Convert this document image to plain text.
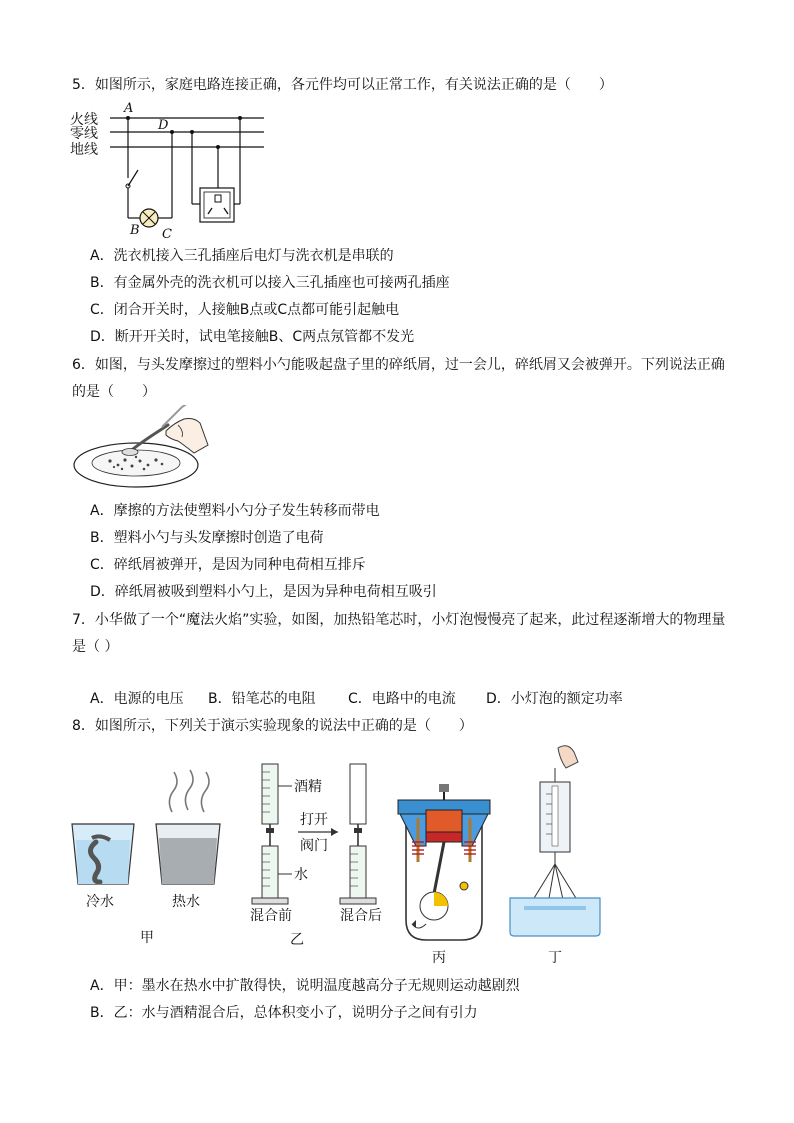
5．如图所示，家庭电路连接正确，各元件均可以正常工作，有关说法正确的是（　　）
火线
零线
地线
A
D
B C
A．洗衣机接入三孔插座后电灯与洗衣机是串联的
B．有金属外壳的洗衣机可以接入三孔插座也可接两孔插座
C．闭合开关时，人接触B点或C点都可能引起触电
D．断开开关时，试电笔接触B、C两点氖管都不发光
6．如图，与头发摩擦过的塑料小勺能吸起盘子里的碎纸屑，过一会儿，碎纸屑又会被弹开。下列说法正确
的是（　　）
A．摩擦的方法使塑料小勺分子发生转移而带电
B．塑料小勺与头发摩擦时创造了电荷
C．碎纸屑被弹开，是因为同种电荷相互排斥
D．碎纸屑被吸到塑料小勺上，是因为异种电荷相互吸引
7．小华做了一个“魔法火焰”实验，如图，加热铅笔芯时，小灯泡慢慢亮了起来，此过程逐渐增大的物理量
是（ ）
A．电源的电压 B．铅笔芯的电阻 C．电路中的电流 D．小灯泡的额定功率
8．如图所示，下列关于演示实验现象的说法中正确的是（　　）
冷水	热水
甲
酒精
水
混合前
打开
阀门
混合后
乙
丙	丁
A．甲：墨水在热水中扩散得快，说明温度越高分子无规则运动越剧烈
B．乙：水与酒精混合后，总体积变小了，说明分子之间有引力
